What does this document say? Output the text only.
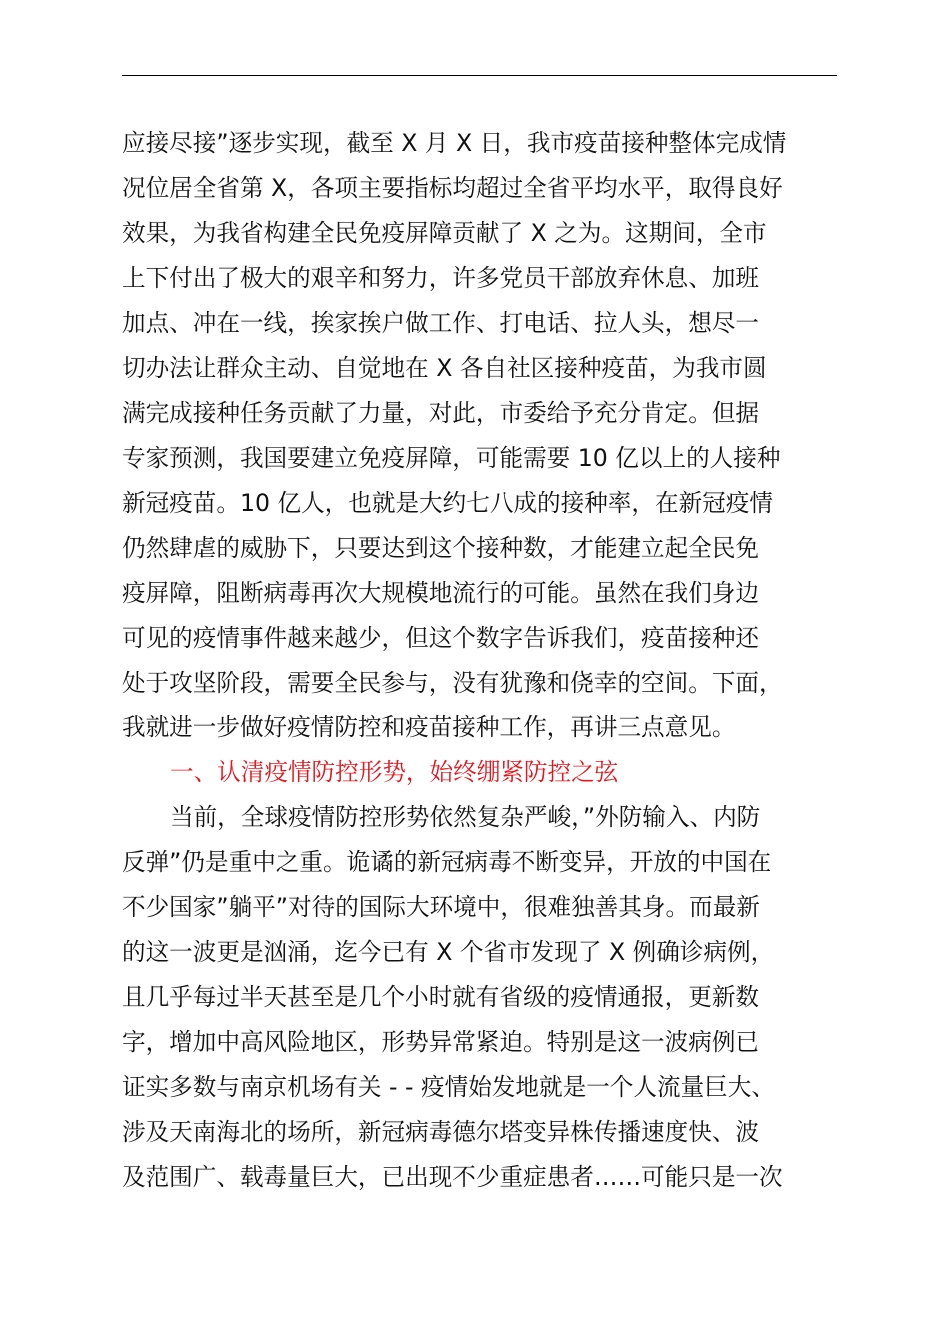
应接尽接”逐步实现，截至 X 月 X 日，我市疫苗接种整体完成情
况位居全省第 X，各项主要指标均超过全省平均水平，取得良好
效果，为我省构建全民免疫屏障贡献了 X 之为。这期间，全市
上下付出了极大的艰辛和努力，许多党员干部放弃休息、加班
加点、冲在一线，挨家挨户做工作、打电话、拉人头，想尽一
切办法让群众主动、自觉地在 X 各自社区接种疫苗，为我市圆
满完成接种任务贡献了力量，对此，市委给予充分肯定。但据
专家预测，我国要建立免疫屏障，可能需要 10 亿以上的人接种
新冠疫苗。10 亿人，也就是大约七八成的接种率，在新冠疫情
仍然肆虐的威胁下，只要达到这个接种数，才能建立起全民免
疫屏障，阻断病毒再次大规模地流行的可能。虽然在我们身边
可见的疫情事件越来越少，但这个数字告诉我们，疫苗接种还
处于攻坚阶段，需要全民参与，没有犹豫和侥幸的空间。下面，
我就进一步做好疫情防控和疫苗接种工作，再讲三点意见。
一、认清疫情防控形势，始终绷紧防控之弦
当前，全球疫情防控形势依然复杂严峻，”外防输入、内防
反弹”仍是重中之重。诡谲的新冠病毒不断变异，开放的中国在
不少国家”躺平”对待的国际大环境中，很难独善其身。而最新
的这一波更是汹涌，迄今已有 X 个省市发现了 X 例确诊病例，
且几乎每过半天甚至是几个小时就有省级的疫情通报，更新数
字，增加中高风险地区，形势异常紧迫。特别是这一波病例已
证实多数与南京机场有关 - - 疫情始发地就是一个人流量巨大、
涉及天南海北的场所，新冠病毒德尔塔变异株传播速度快、波
及范围广、载毒量巨大，已出现不少重症患者……可能只是一次
